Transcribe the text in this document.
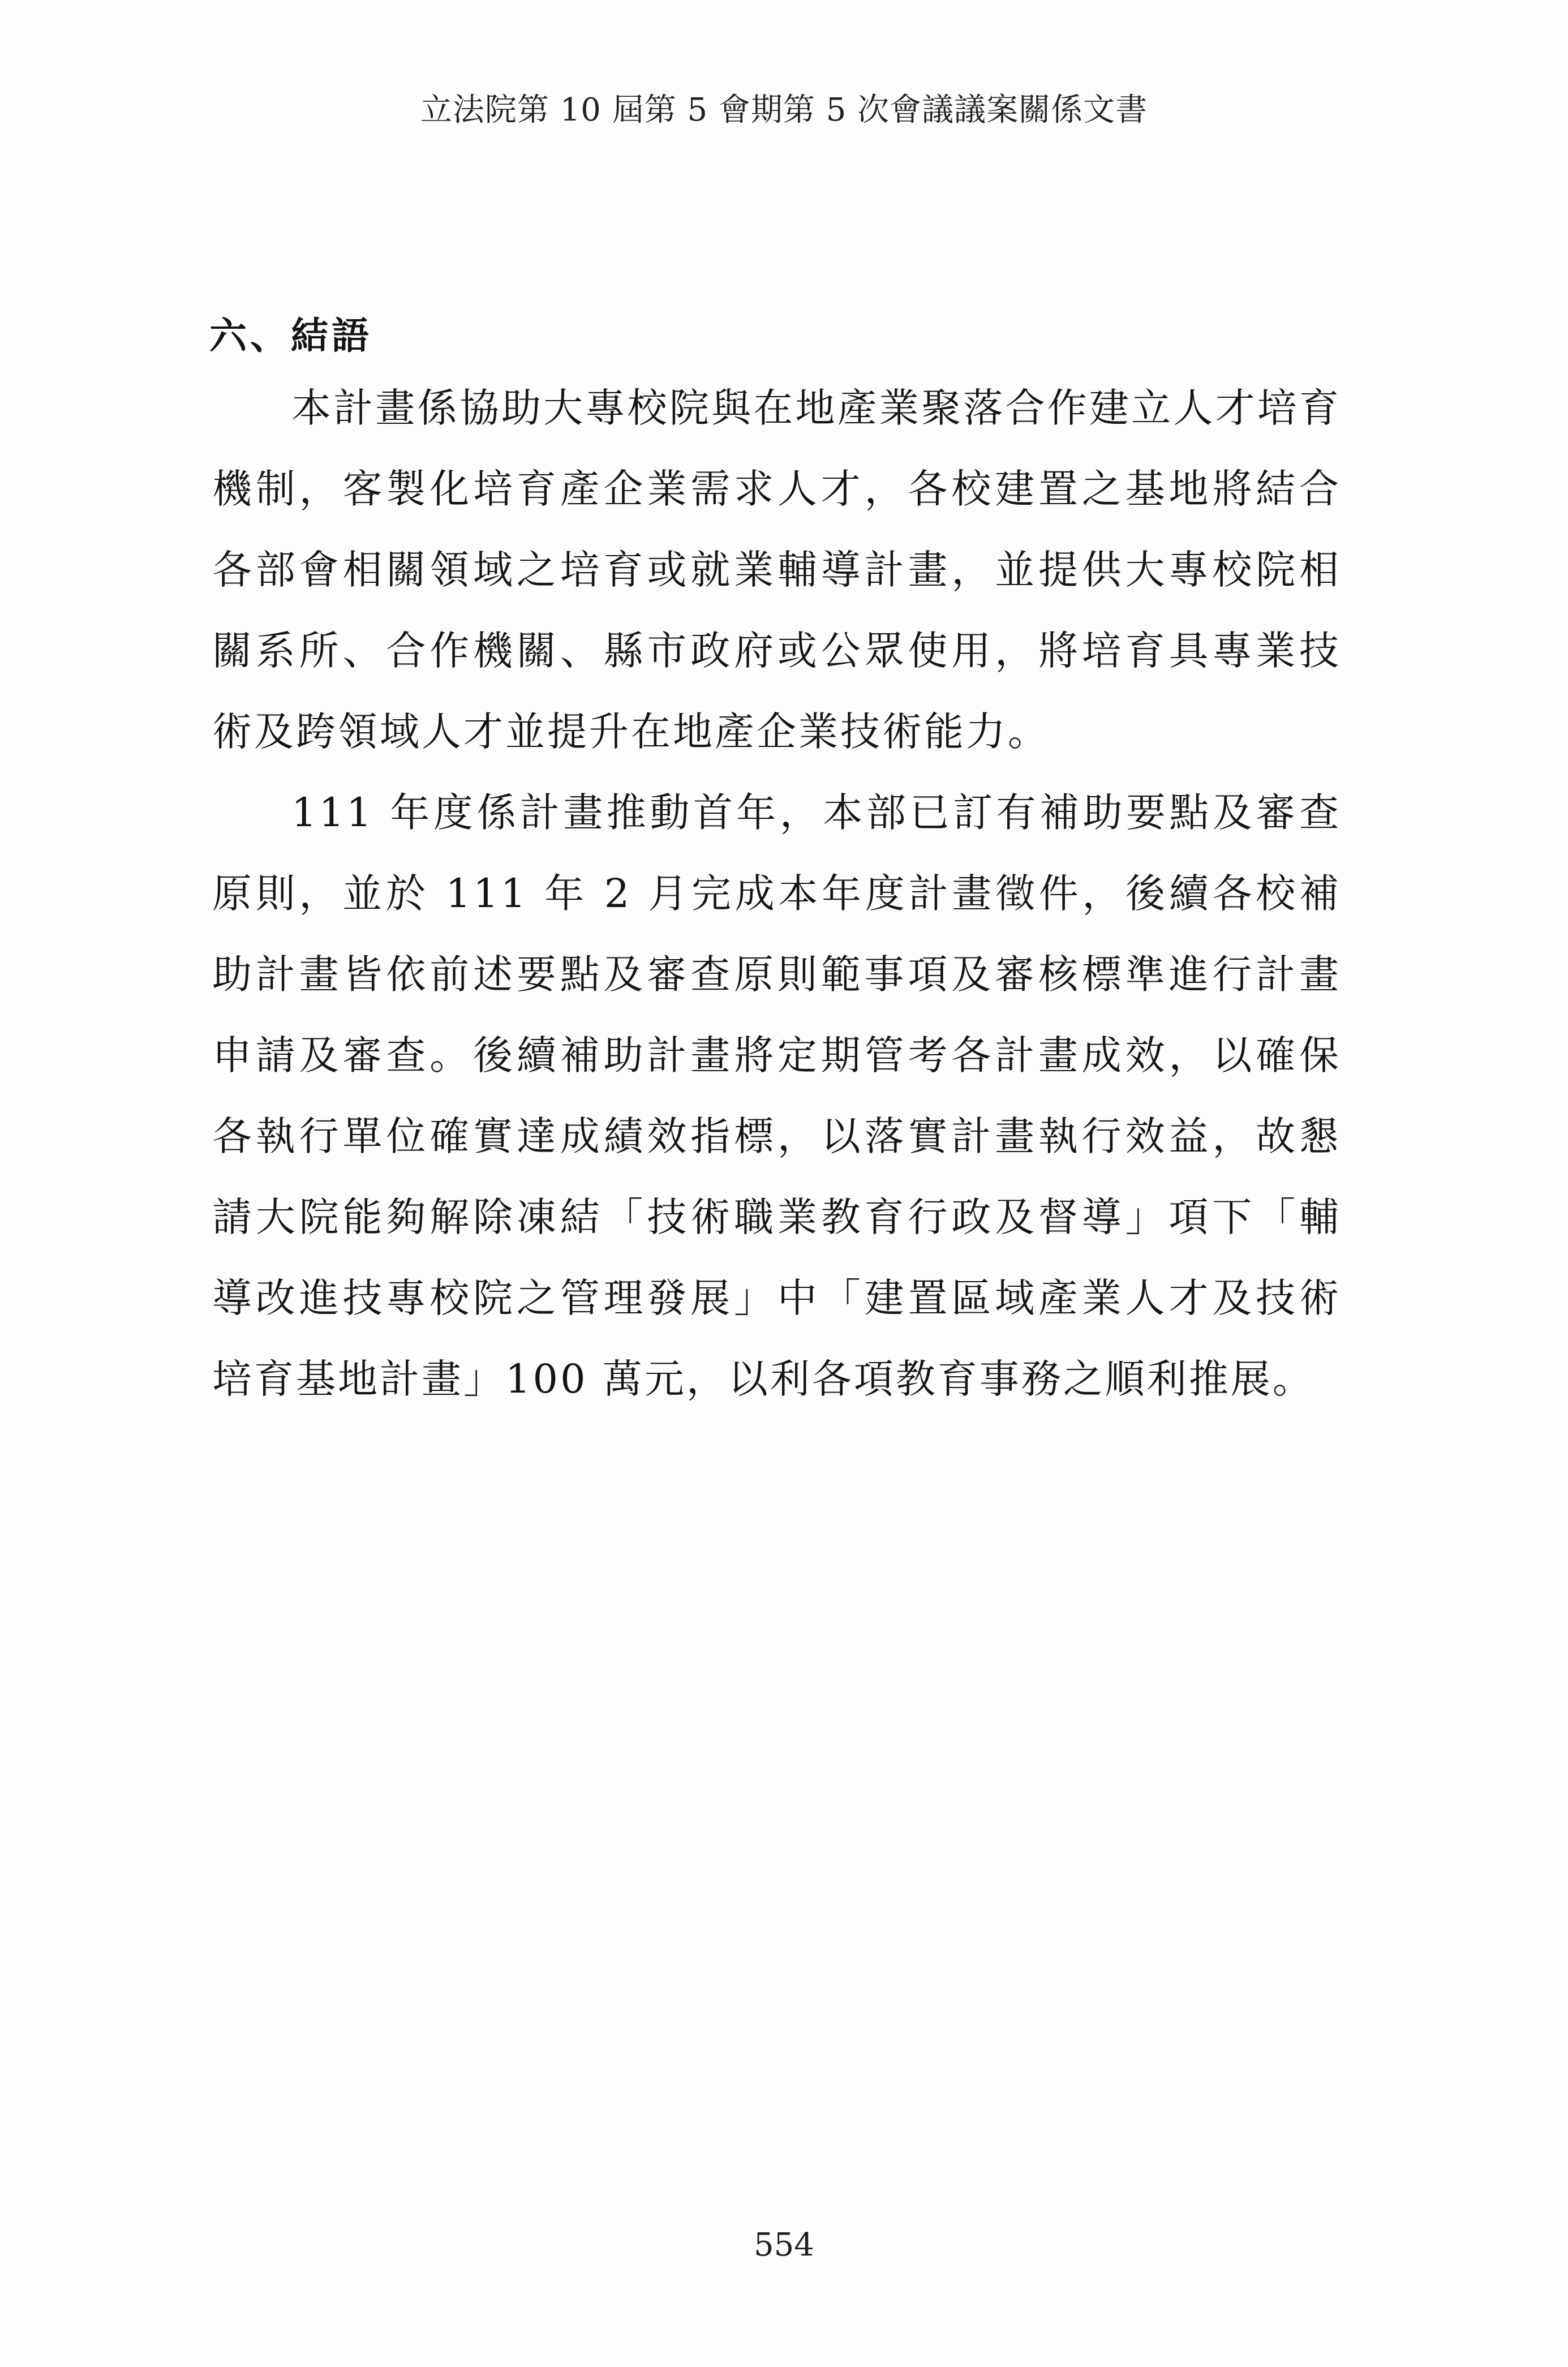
立法院第 10 屆第 5 會期第 5 次會議議案關係文書
六、結語

本計畫係協助大專校院與在地產業聚落合作建立人才培育機制，客製化培育產企業需求人才，各校建置之基地將結合各部會相關領域之培育或就業輔導計畫，並提供大專校院相關系所、合作機關、縣市政府或公眾使用，將培育具專業技術及跨領域人才並提升在地產企業技術能力。

111 年度係計畫推動首年，本部已訂有補助要點及審查原則，並於 111 年 2 月完成本年度計畫徵件，後續各校補助計畫皆依前述要點及審查原則範事項及審核標準進行計畫申請及審查。後續補助計畫將定期管考各計畫成效，以確保各執行單位確實達成績效指標，以落實計畫執行效益，故懇請大院能夠解除凍結「技術職業教育行政及督導」項下「輔導改進技專校院之管理發展」中「建置區域產業人才及技術培育基地計畫」100 萬元，以利各項教育事務之順利推展。

554
